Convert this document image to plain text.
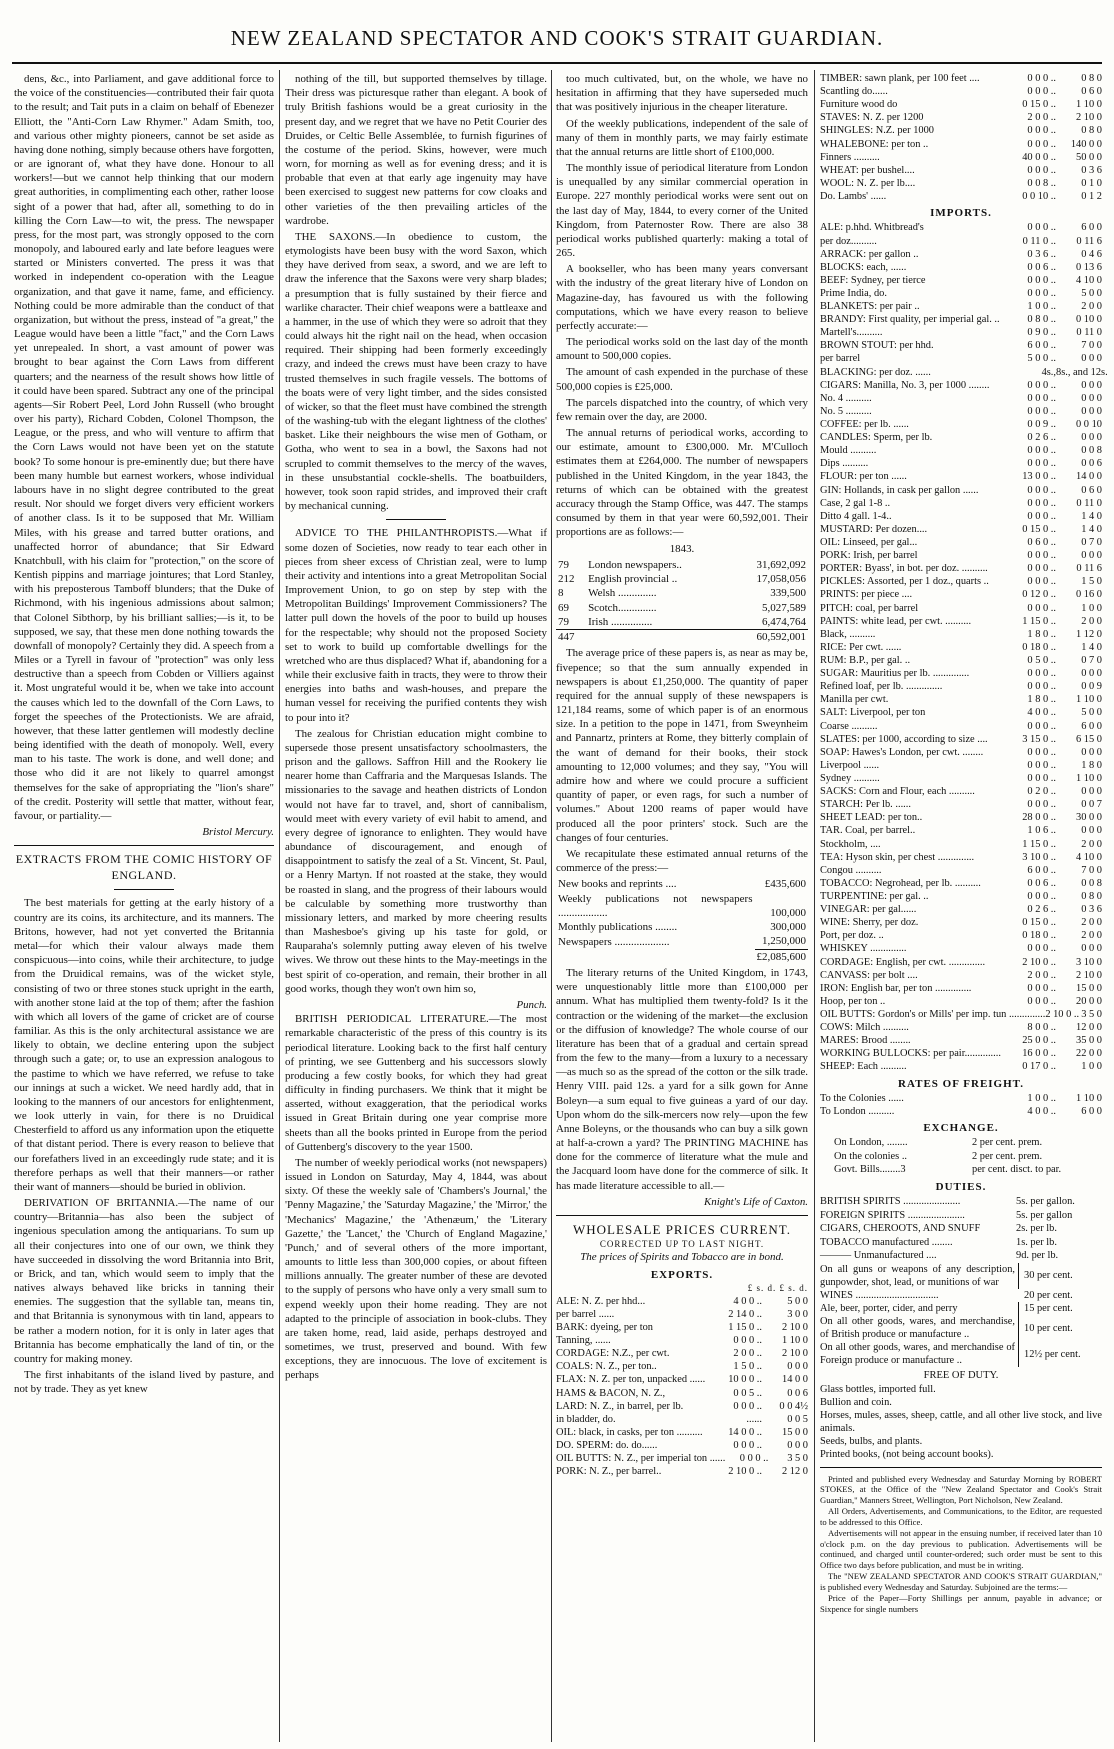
NEW ZEALAND SPECTATOR AND COOK'S STRAIT GUARDIAN.

dens, &c., into Parliament, and gave additional force to the voice of the constituencies—contributed their fair quota to the result; and Tait puts in a claim on behalf of Ebenezer Elliott, the "Anti-Corn Law Rhymer." Adam Smith, too, and various other mighty pioneers, cannot be set aside as having done nothing, simply because others have forgotten, or are ignorant of, what they have done. Honour to all workers!—but we cannot help thinking that our modern great authorities, in complimenting each other, rather loose sight of a power that had, after all, something to do in killing the Corn Law—to wit, the press. The newspaper press, for the most part, was strongly opposed to the corn monopoly, and laboured early and late before leagues were started or Ministers converted. The press it was that worked in independent co-operation with the League organization, and that gave it name, fame, and efficiency. Nothing could be more admirable than the conduct of that organization, but without the press, instead of "a great," the League would have been a little "fact," and the Corn Laws yet unrepealed. In short, a vast amount of power was brought to bear against the Corn Laws from different quarters; and the nearness of the result shows how little of it could have been spared. Subtract any one of the principal agents—Sir Robert Peel, Lord John Russell (who brought over his party), Richard Cobden, Colonel Thompson, the League, or the press, and who will venture to affirm that the Corn Laws would not have been yet on the statute book? To some honour is pre-eminently due; but there have been many humble but earnest workers, whose individual labours have in no slight degree contributed to the great result. Nor should we forget divers very efficient workers of another class. Is it to be supposed that Mr. William Miles, with his grease and tarred butter orations, and unaffected horror of abundance; that Sir Edward Knatchbull, with his claim for "protection," on the score of Kentish pippins and marriage jointures; that Lord Stanley, with his preposterous Tamboff blunders; that the Duke of Richmond, with his ingenious admissions about salmon; that Colonel Sibthorp, by his brilliant sallies;—is it, to be supposed, we say, that these men done nothing towards the downfall of monopoly? Certainly they did. A speech from a Miles or a Tyrell in favour of "protection" was only less destructive than a speech from Cobden or Villiers against it. Most ungrateful would it be, when we take into account the causes which led to the downfall of the Corn Laws, to forget the speeches of the Protectionists. We are afraid, however, that these latter gentlemen will modestly decline being identified with the death of monopoly. Well, every man to his taste. The work is done, and well done; and those who did it are not likely to quarrel amongst themselves for the sake of appropriating the "lion's share" of the credit. Posterity will settle that matter, without fear, favour, or partiality.—

Bristol Mercury.
EXTRACTS FROM THE COMIC HISTORY OF ENGLAND.

The best materials for getting at the early history of a country are its coins, its architecture, and its manners. The Britons, however, had not yet converted the Britannia metal—for which their valour always made them conspicuous—into coins, while their architecture, to judge from the Druidical remains, was of the wicket style, consisting of two or three stones stuck upright in the earth, with another stone laid at the top of them; after the fashion with which all lovers of the game of cricket are of course familiar. As this is the only architectural assistance we are likely to obtain, we decline entering upon the subject through such a gate; or, to use an expression analogous to the pastime to which we have referred, we refuse to take our innings at such a wicket. We need hardly add, that in looking to the manners of our ancestors for enlightenment, we look utterly in vain, for there is no Druidical Chesterfield to afford us any information upon the etiquette of that distant period. There is every reason to believe that our forefathers lived in an exceedingly rude state; and it is therefore perhaps as well that their manners—or rather their want of manners—should be buried in oblivion.

DERIVATION OF BRITANNIA.—The name of our country—Britannia—has also been the subject of ingenious speculation among the antiquarians. To sum up all their conjectures into one of our own, we think they have succeeded in dissolving the word Britannia into Brit, or Brick, and tan, which would seem to imply that the natives always behaved like bricks in tanning their enemies. The suggestion that the syllable tan, means tin, and that Britannia is synonymous with tin land, appears to be rather a modern notion, for it is only in later ages that Britannia has become emphatically the land of tin, or the country for making money.

The first inhabitants of the island lived by pasture, and not by trade. They as yet knew

nothing of the till, but supported themselves by tillage. Their dress was picturesque rather than elegant. A book of truly British fashions would be a great curiosity in the present day, and we regret that we have no Petit Courier des Druides, or Celtic Belle Assemblée, to furnish figurines of the costume of the period. Skins, however, were much worn, for morning as well as for evening dress; and it is probable that even at that early age ingenuity may have been exercised to suggest new patterns for cow cloaks and other varieties of the then prevailing articles of the wardrobe.

THE SAXONS.—In obedience to custom, the etymologists have been busy with the word Saxon, which they have derived from seax, a sword, and we are left to draw the inference that the Saxons were very sharp blades; a presumption that is fully sustained by their fierce and warlike character. Their chief weapons were a battleaxe and a hammer, in the use of which they were so adroit that they could always hit the right nail on the head, when occasion required. Their shipping had been formerly exceedingly crazy, and indeed the crews must have been crazy to have trusted themselves in such fragile vessels. The bottoms of the boats were of very light timber, and the sides consisted of wicker, so that the fleet must have combined the strength of the washing-tub with the elegant lightness of the clothes' basket. Like their neighbours the wise men of Gotham, or Gotha, who went to sea in a bowl, the Saxons had not scrupled to commit themselves to the mercy of the waves, in these unsubstantial cockle-shells. The boatbuilders, however, took soon rapid strides, and improved their craft by mechanical cunning.

ADVICE TO THE PHILANTHROPISTS.—What if some dozen of Societies, now ready to tear each other in pieces from sheer excess of Christian zeal, were to lump their activity and intentions into a great Metropolitan Social Improvement Union, to go on step by step with the Metropolitan Buildings' Improvement Commissioners? The latter pull down the hovels of the poor to build up houses for the respectable; why should not the proposed Society set to work to build up comfortable dwellings for the wretched who are thus displaced? What if, abandoning for a while their exclusive faith in tracts, they were to throw their energies into baths and wash-houses, and prepare the human vessel for receiving the purified contents they wish to pour into it?

The zealous for Christian education might combine to supersede those present unsatisfactory schoolmasters, the prison and the gallows. Saffron Hill and the Rookery lie nearer home than Caffraria and the Marquesas Islands. The missionaries to the savage and heathen districts of London would not have far to travel, and, short of cannibalism, would meet with every variety of evil habit to amend, and every degree of ignorance to enlighten. They would have abundance of discouragement, and enough of disappointment to satisfy the zeal of a St. Vincent, St. Paul, or a Henry Martyn. If not roasted at the stake, they would be roasted in slang, and the progress of their labours would be calculable by something more trustworthy than missionary letters, and marked by more cheering results than Mashesboe's giving up his taste for gold, or Rauparaha's solemnly putting away eleven of his twelve wives. We throw out these hints to the May-meetings in the best spirit of co-operation, and remain, their brother in all good works, though they won't own him so,

Punch.

BRITISH PERIODICAL LITERATURE.—The most remarkable characteristic of the press of this country is its periodical literature. Looking back to the first half century of printing, we see Guttenberg and his successors slowly producing a few costly books, for which they had great difficulty in finding purchasers. We think that it might be asserted, without exaggeration, that the periodical works issued in Great Britain during one year comprise more sheets than all the books printed in Europe from the period of Guttenberg's discovery to the year 1500.

The number of weekly periodical works (not newspapers) issued in London on Saturday, May 4, 1844, was about sixty. Of these the weekly sale of 'Chambers's Journal,' the 'Penny Magazine,' the 'Saturday Magazine,' the 'Mirror,' the 'Mechanics' Magazine,' the 'Athenæum,' the 'Literary Gazette,' the 'Lancet,' the 'Church of England Magazine,' 'Punch,' and of several others of the more important, amounts to little less than 300,000 copies, or about fifteen millions annually. The greater number of these are devoted to the supply of persons who have only a very small sum to expend weekly upon their home reading. They are not adapted to the principle of association in book-clubs. They are taken home, read, laid aside, perhaps destroyed and sometimes, we trust, preserved and bound. With few exceptions, they are innocuous. The love of excitement is perhaps

too much cultivated, but, on the whole, we have no hesitation in affirming that they have superseded much that was positively injurious in the cheaper literature.

Of the weekly publications, independent of the sale of many of them in monthly parts, we may fairly estimate that the annual returns are little short of £100,000.

The monthly issue of periodical literature from London is unequalled by any similar commercial operation in Europe. 227 monthly periodical works were sent out on the last day of May, 1844, to every corner of the United Kingdom, from Paternoster Row. There are also 38 periodical works published quarterly: making a total of 265.

A bookseller, who has been many years conversant with the industry of the great literary hive of London on Magazine-day, has favoured us with the following computations, which we have every reason to believe perfectly accurate:—

The periodical works sold on the last day of the month amount to 500,000 copies.

The amount of cash expended in the purchase of these 500,000 copies is £25,000.

The parcels dispatched into the country, of which very few remain over the day, are 2000.

The annual returns of periodical works, according to our estimate, amount to £300,000. Mr. M'Culloch estimates them at £264,000. The number of newspapers published in the United Kingdom, in the year 1843, the returns of which can be obtained with the greatest accuracy through the Stamp Office, was 447. The stamps consumed by them in that year were 60,592,001. Their proportions are as follows:—

1843.
79	London newspapers..	31,692,092
212	English provincial ..	17,058,056
8	Welsh ..............	339,500
69	Scotch..............	5,027,589
79	Irish ...............	6,474,764

447		60,592,001

The average price of these papers is, as near as may be, fivepence; so that the sum annually expended in newspapers is about £1,250,000. The quantity of paper required for the annual supply of these newspapers is 121,184 reams, some of which paper is of an enormous size. In a petition to the pope in 1471, from Sweynheim and Pannartz, printers at Rome, they bitterly complain of the want of demand for their books, their stock amounting to 12,000 volumes; and they say, "You will admire how and where we could procure a sufficient quantity of paper, or even rags, for such a number of volumes." About 1200 reams of paper would have produced all the poor printers' stock. Such are the changes of four centuries.

We recapitulate these estimated annual returns of the commerce of the press:—

New books and reprints ....	£435,600
Weekly publications not newspapers ..................	100,000
Monthly publications ........	300,000
Newspapers ....................	1,250,000
	£2,085,600

The literary returns of the United Kingdom, in 1743, were unquestionably little more than £100,000 per annum. What has multiplied them twenty-fold? Is it the contraction or the widening of the market—the exclusion or the diffusion of knowledge? The whole course of our literature has been that of a gradual and certain spread from the few to the many—from a luxury to a necessary—as much so as the spread of the cotton or the silk trade. Henry VIII. paid 12s. a yard for a silk gown for Anne Boleyn—a sum equal to five guineas a yard of our day. Upon whom do the silk-mercers now rely—upon the few Anne Boleyns, or the thousands who can buy a silk gown at half-a-crown a yard? The PRINTING MACHINE has done for the commerce of literature what the mule and the Jacquard loom have done for the commerce of silk. It has made literature accessible to all.—

Knight's Life of Caxton.
WHOLESALE PRICES CURRENT.
CORRECTED UP TO LAST NIGHT.
The prices of Spirits and Tobacco are in bond.
EXPORTS.
£ s. d. £ s. d.
ALE: N. Z. per hhd...	4 0 0 ..	5 0 0
per barrel ......	2 14 0 ..	3 0 0
BARK: dyeing, per ton	1 15 0 ..	2 10 0
Tanning, ......	0 0 0 ..	1 10 0
CORDAGE: N.Z., per cwt.	2 0 0 ..	2 10 0
COALS: N. Z., per ton..	1 5 0 ..	0 0 0
FLAX: N. Z. per ton, unpacked ......	10 0 0 ..	14 0 0
HAMS & BACON, N. Z.,	0 0 5 ..	0 0 6
LARD: N. Z., in barrel, per lb.	0 0 0 ..	0 0 4½
in bladder, do.	......	0 0 5
OIL: black, in casks, per ton ..........	14 0 0 ..	15 0 0
DO. SPERM: do. do......	0 0 0 ..	0 0 0
OIL BUTTS: N. Z., per imperial ton ......	0 0 0 ..	3 5 0
PORK: N. Z., per barrel..	2 10 0 ..	2 12 0
TIMBER: sawn plank, per 100 feet ....	0 0 0 ..	0 8 0
Scantling do......	0 0 0 ..	0 6 0
Furniture wood do	0 15 0 ..	1 10 0
STAVES: N. Z. per 1200	2 0 0 ..	2 10 0
SHINGLES: N.Z. per 1000	0 0 0 ..	0 8 0
WHALEBONE: per ton ..	0 0 0 ..	140 0 0
Finners ..........	40 0 0 ..	50 0 0
WHEAT: per bushel....	0 0 0 ..	0 3 6
WOOL: N. Z. per lb....	0 0 8 ..	0 1 0
Do. Lambs' ......	0 0 10 ..	0 1 2
IMPORTS.
ALE: p.hhd. Whitbread's	0 0 0 ..	6 0 0
per doz..........	0 11 0 ..	0 11 6
ARRACK: per gallon ..	0 3 6 ..	0 4 6
BLOCKS: each, ......	0 0 6 ..	0 13 6
BEEF: Sydney, per tierce	0 0 0 ..	4 10 0
Prime India, do.	0 0 0 ..	5 0 0
BLANKETS: per pair ..	1 0 0 ..	2 0 0
BRANDY: First quality, per imperial gal. ..	0 8 0 ..	0 10 0
Martell's..........	0 9 0 ..	0 11 0
BROWN STOUT: per hhd.	6 0 0 ..	7 0 0
per barrel	5 0 0 ..	0 0 0
BLACKING: per doz. ......	4s., 8s., and 12s.
CIGARS: Manilla, No. 3, per 1000 ........	0 0 0 ..	0 0 0
No. 4 ..........	0 0 0 ..	0 0 0
No. 5 ..........	0 0 0 ..	0 0 0
COFFEE: per lb. ......	0 0 9 ..	0 0 10
CANDLES: Sperm, per lb.	0 2 6 ..	0 0 0
Mould ..........	0 0 0 ..	0 0 8
Dips ..........	0 0 0 ..	0 0 6
FLOUR: per ton ......	13 0 0 ..	14 0 0
GIN: Hollands, in cask per gallon ......	0 0 0 ..	0 6 0
Case, 2 gal 1-8 ..	0 0 0 ..	0 11 0
Ditto 4 gall. 1-4..	0 0 0 ..	1 4 0
MUSTARD: Per dozen....	0 15 0 ..	1 4 0
OIL: Linseed, per gal...	0 6 0 ..	0 7 0
PORK: Irish, per barrel	0 0 0 ..	0 0 0
PORTER: Byass', in bot. per doz. ..........	0 0 0 ..	0 11 6
PICKLES: Assorted, per 1 doz., quarts ..	0 0 0 ..	1 5 0
PRINTS: per piece ....	0 12 0 ..	0 16 0
PITCH: coal, per barrel	0 0 0 ..	1 0 0
PAINTS: white lead, per cwt. ..........	1 15 0 ..	2 0 0
Black, ..........	1 8 0 ..	1 12 0
RICE: Per cwt. ......	0 18 0 ..	1 4 0
RUM: B.P., per gal. ..	0 5 0 ..	0 7 0
SUGAR: Mauritius per lb. ..............	0 0 0 ..	0 0 0
Refined loaf, per lb. ..............	0 0 0 ..	0 0 9
Manilla per cwt.	1 8 0 ..	1 10 0
SALT: Liverpool, per ton	4 0 0 ..	5 0 0
Coarse ..........	0 0 0 ..	6 0 0
SLATES: per 1000, according to size ....	3 15 0 ..	6 15 0
SOAP: Hawes's London, per cwt. ........	0 0 0 ..	0 0 0
Liverpool ......	0 0 0 ..	1 8 0
Sydney ..........	0 0 0 ..	1 10 0
SACKS: Corn and Flour, each ..........	0 2 0 ..	0 0 0
STARCH: Per lb. ......	0 0 0 ..	0 0 7
SHEET LEAD: per ton..	28 0 0 ..	30 0 0
TAR. Coal, per barrel..	1 0 6 ..	0 0 0
Stockholm, ....	1 15 0 ..	2 0 0
TEA: Hyson skin, per chest ..............	3 10 0 ..	4 10 0
Congou ..........	6 0 0 ..	7 0 0
TOBACCO: Negrohead, per lb. ..........	0 0 6 ..	0 0 8
TURPENTINE: per gal. ..	0 0 0 ..	0 8 0
VINEGAR: per gal......	0 2 6 ..	0 3 6
WINE: Sherry, per doz.	0 15 0 ..	2 0 0
Port, per doz. ..	0 18 0 ..	2 0 0
WHISKEY ..............	0 0 0 ..	0 0 0
CORDAGE: English, per cwt. ..............	2 10 0 ..	3 10 0
CANVASS: per bolt ....	2 0 0 ..	2 10 0
IRON: English bar, per ton ..............	0 0 0 ..	15 0 0
Hoop, per ton ..	0 0 0 ..	20 0 0
OIL BUTTS: Gordon's or Mills' per imp. tun .............. 2 10 0 .. 3 5 0
COWS: Milch ..........	8 0 0 ..	12 0 0
MARES: Brood ........	25 0 0 ..	35 0 0
WORKING BULLOCKS: per pair..............	16 0 0 ..	22 0 0
SHEEP: Each ..........	0 17 0 ..	1 0 0
RATES OF FREIGHT.
To the Colonies ......	1 0 0 ..	1 10 0
To London ..........	4 0 0 ..	6 0 0
EXCHANGE.
On London, ........	2 per cent. prem.
On the colonies ..	2 per cent. prem.
Govt. Bills........3	per cent. disct. to par.
DUTIES.
BRITISH SPIRITS ......................	5s. per gallon.
FOREIGN SPIRITS ......................	5s. per gallon
CIGARS, CHEROOTS, AND SNUFF	2s. per lb.
TOBACCO manufactured ........	1s. per lb.
——— Unmanufactured ....	9d. per lb.
On all guns or weapons of any description, gunpowder, shot, lead, or munitions of war
30 per cent.
WINES ................................	20 per cent.
Ale, beer, porter, cider, and perry	15 per cent.
On all other goods, wares, and merchandise, of British produce or manufacture ..
10 per cent.
On all other goods, wares, and merchandise of Foreign produce or manufacture ..
12½ per cent.
FREE OF DUTY.
Glass bottles, imported full.
Bullion and coin.
Horses, mules, asses, sheep, cattle, and all other live stock, and live animals.
Seeds, bulbs, and plants.
Printed books, (not being account books).

Printed and published every Wednesday and Saturday Morning by ROBERT STOKES, at the Office of the "New Zealand Spectator and Cook's Strait Guardian," Manners Street, Wellington, Port Nicholson, New Zealand.

All Orders, Advertisements, and Communications, to the Editor, are requested to be addressed to this Office.

Advertisements will not appear in the ensuing number, if received later than 10 o'clock p.m. on the day previous to publication. Advertisements will be continued, and charged until counter-ordered; such order must be sent to this Office two days before publication, and must be in writing.

The "NEW ZEALAND SPECTATOR AND COOK'S STRAIT GUARDIAN," is published every Wednesday and Saturday. Subjoined are the terms:—

Price of the Paper—Forty Shillings per annum, payable in advance; or Sixpence for single numbers
